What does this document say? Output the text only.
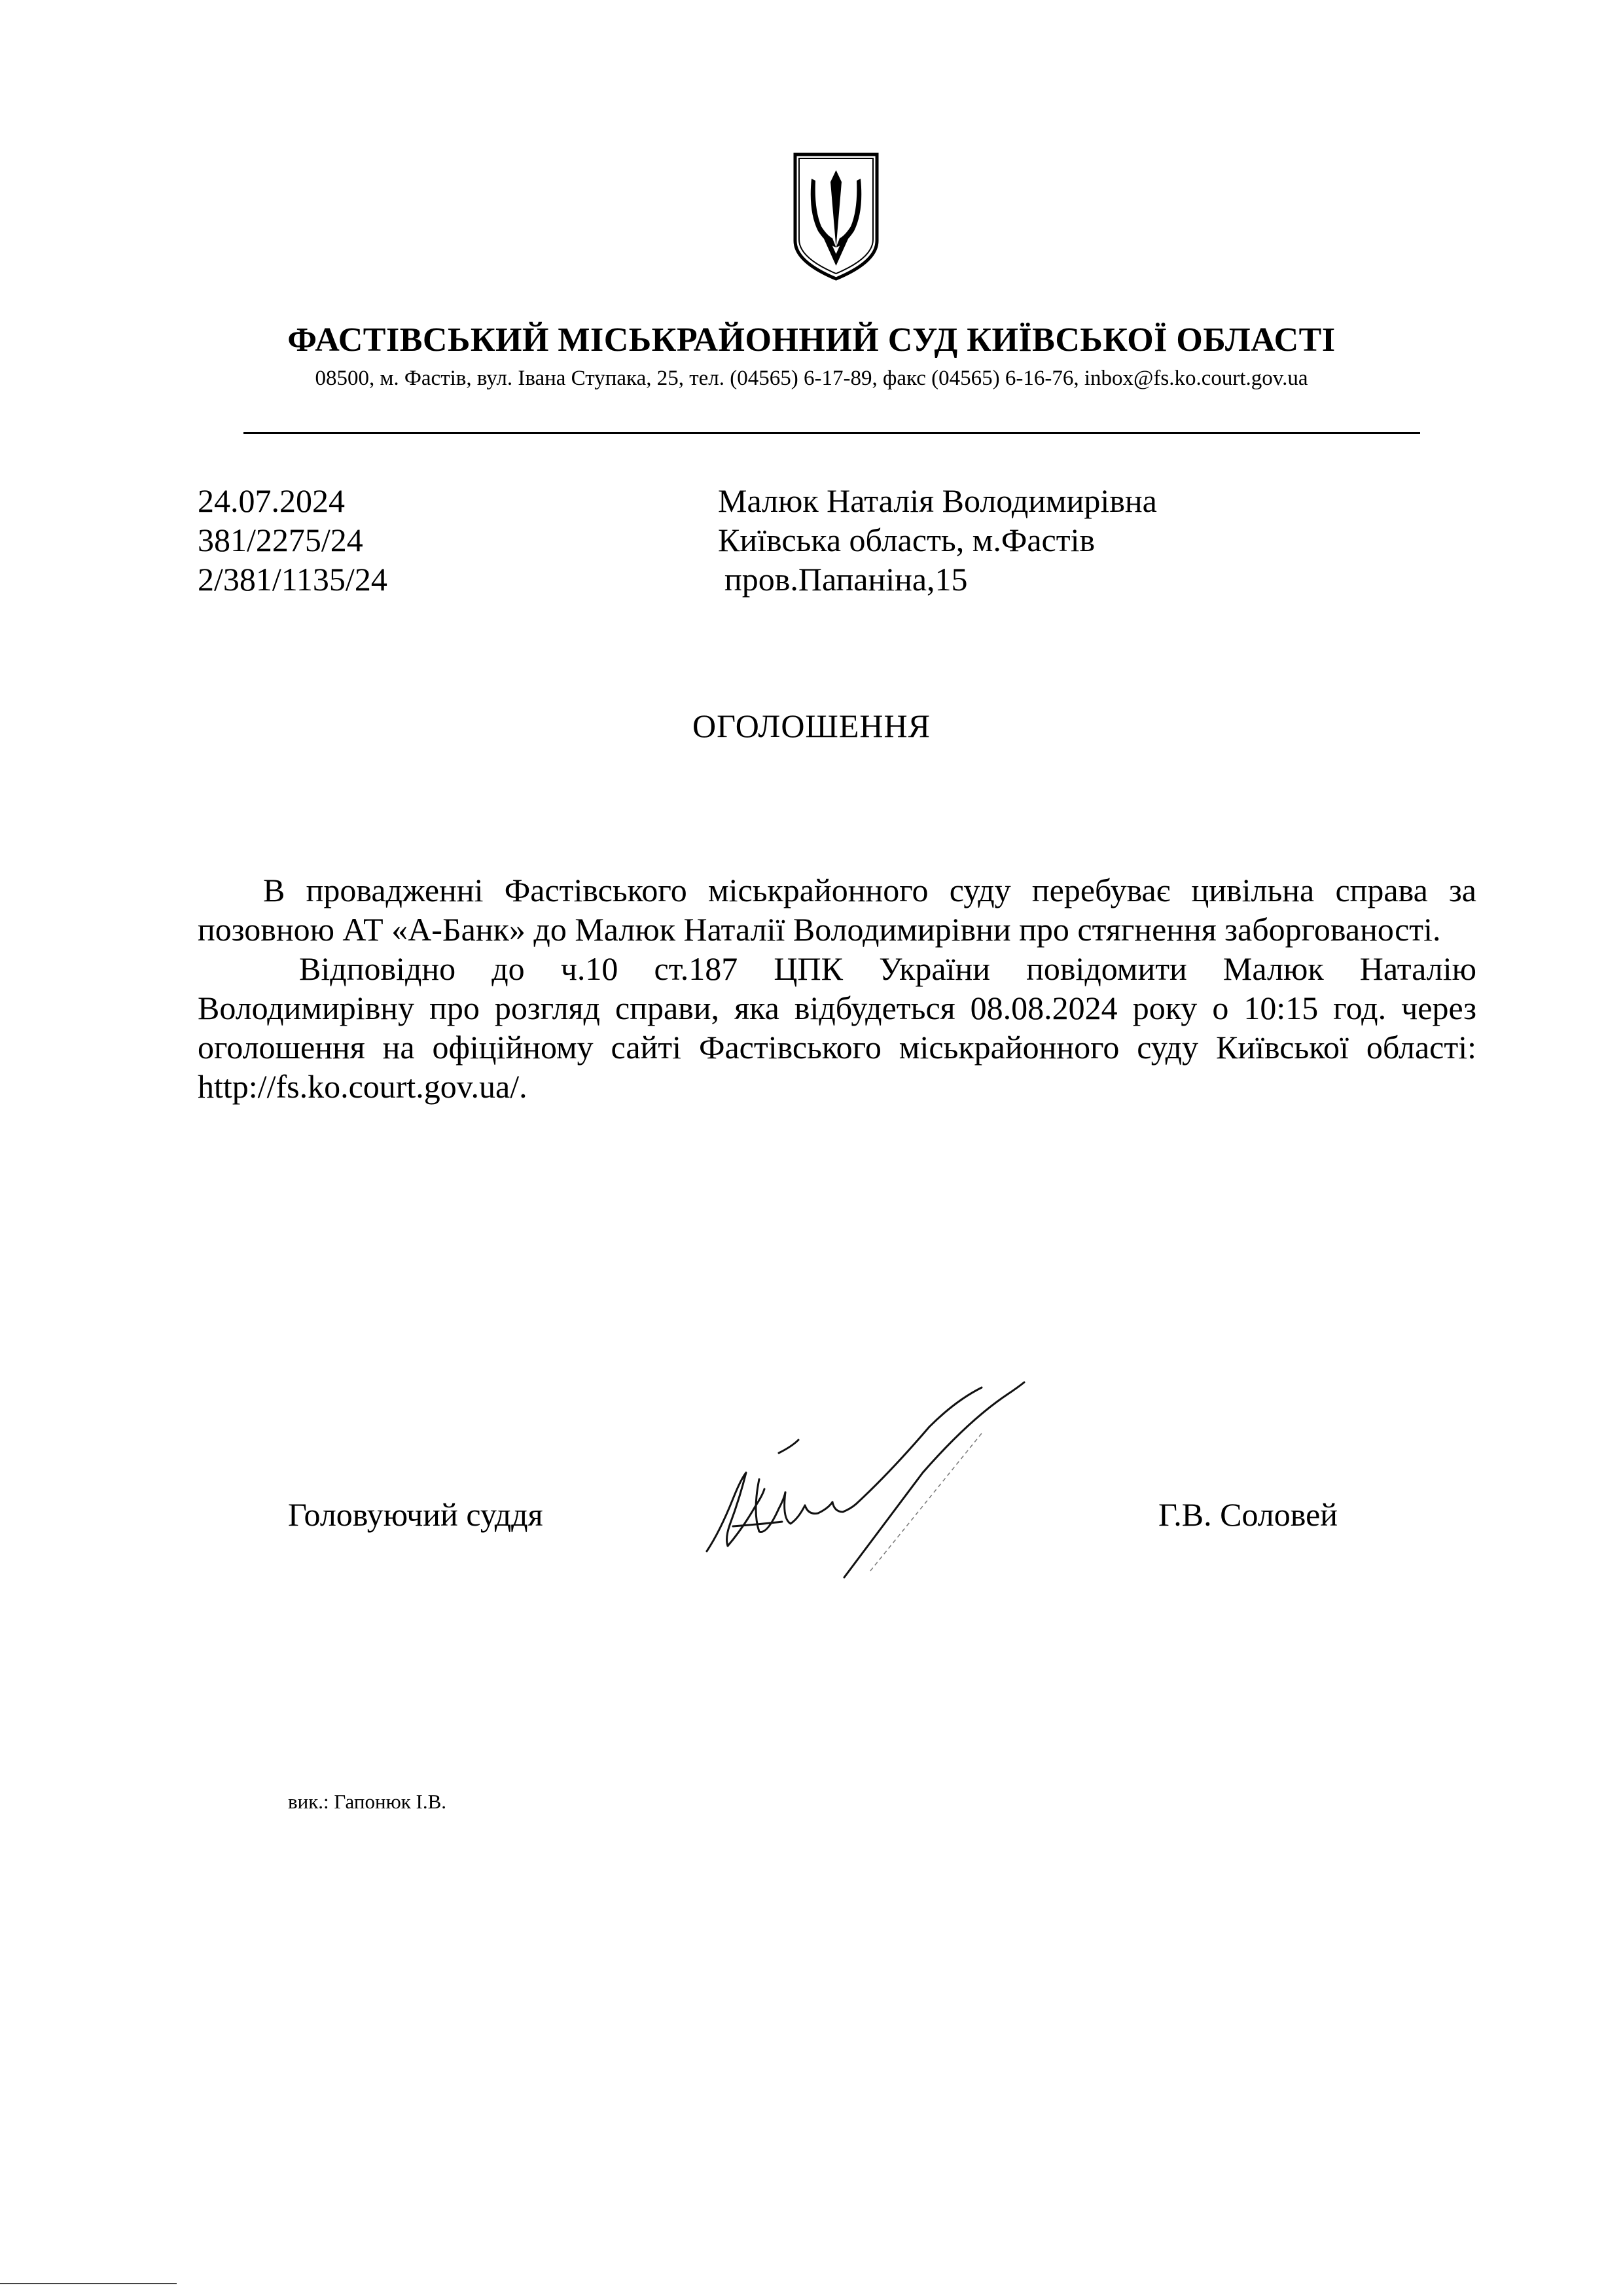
ФАСТІВСЬКИЙ МІСЬКРАЙОННИЙ СУД КИЇВСЬКОЇ ОБЛАСТІ
08500, м. Фастів, вул. Івана Ступака, 25, тел. (04565) 6-17-89, факс (04565) 6-16-76, inbox@fs.ko.court.gov.ua
24.07.2024
381/2275/24
2/381/1135/24
Малюк Наталія Володимирівна
Київська область, м.Фастів
пров.Папаніна,15
ОГОЛОШЕННЯ

В провадженні Фастівського міськрайонного суду перебуває цивільна справа за позовною АТ «А-Банк» до Малюк Наталії Володимирівни про стягнення заборгованості.

Відповідно до ч.10 ст.187 ЦПК України повідомити Малюк Наталію Володимирівну про розгляд справи, яка відбудеться 08.08.2024 року о 10:15 год. через оголошення на офіційному сайті Фастівського міськрайонного суду Київської області: http://fs.ko.court.gov.ua/.

Головуючий суддя	Г.В. Соловей
вик.: Гапонюк І.В.
